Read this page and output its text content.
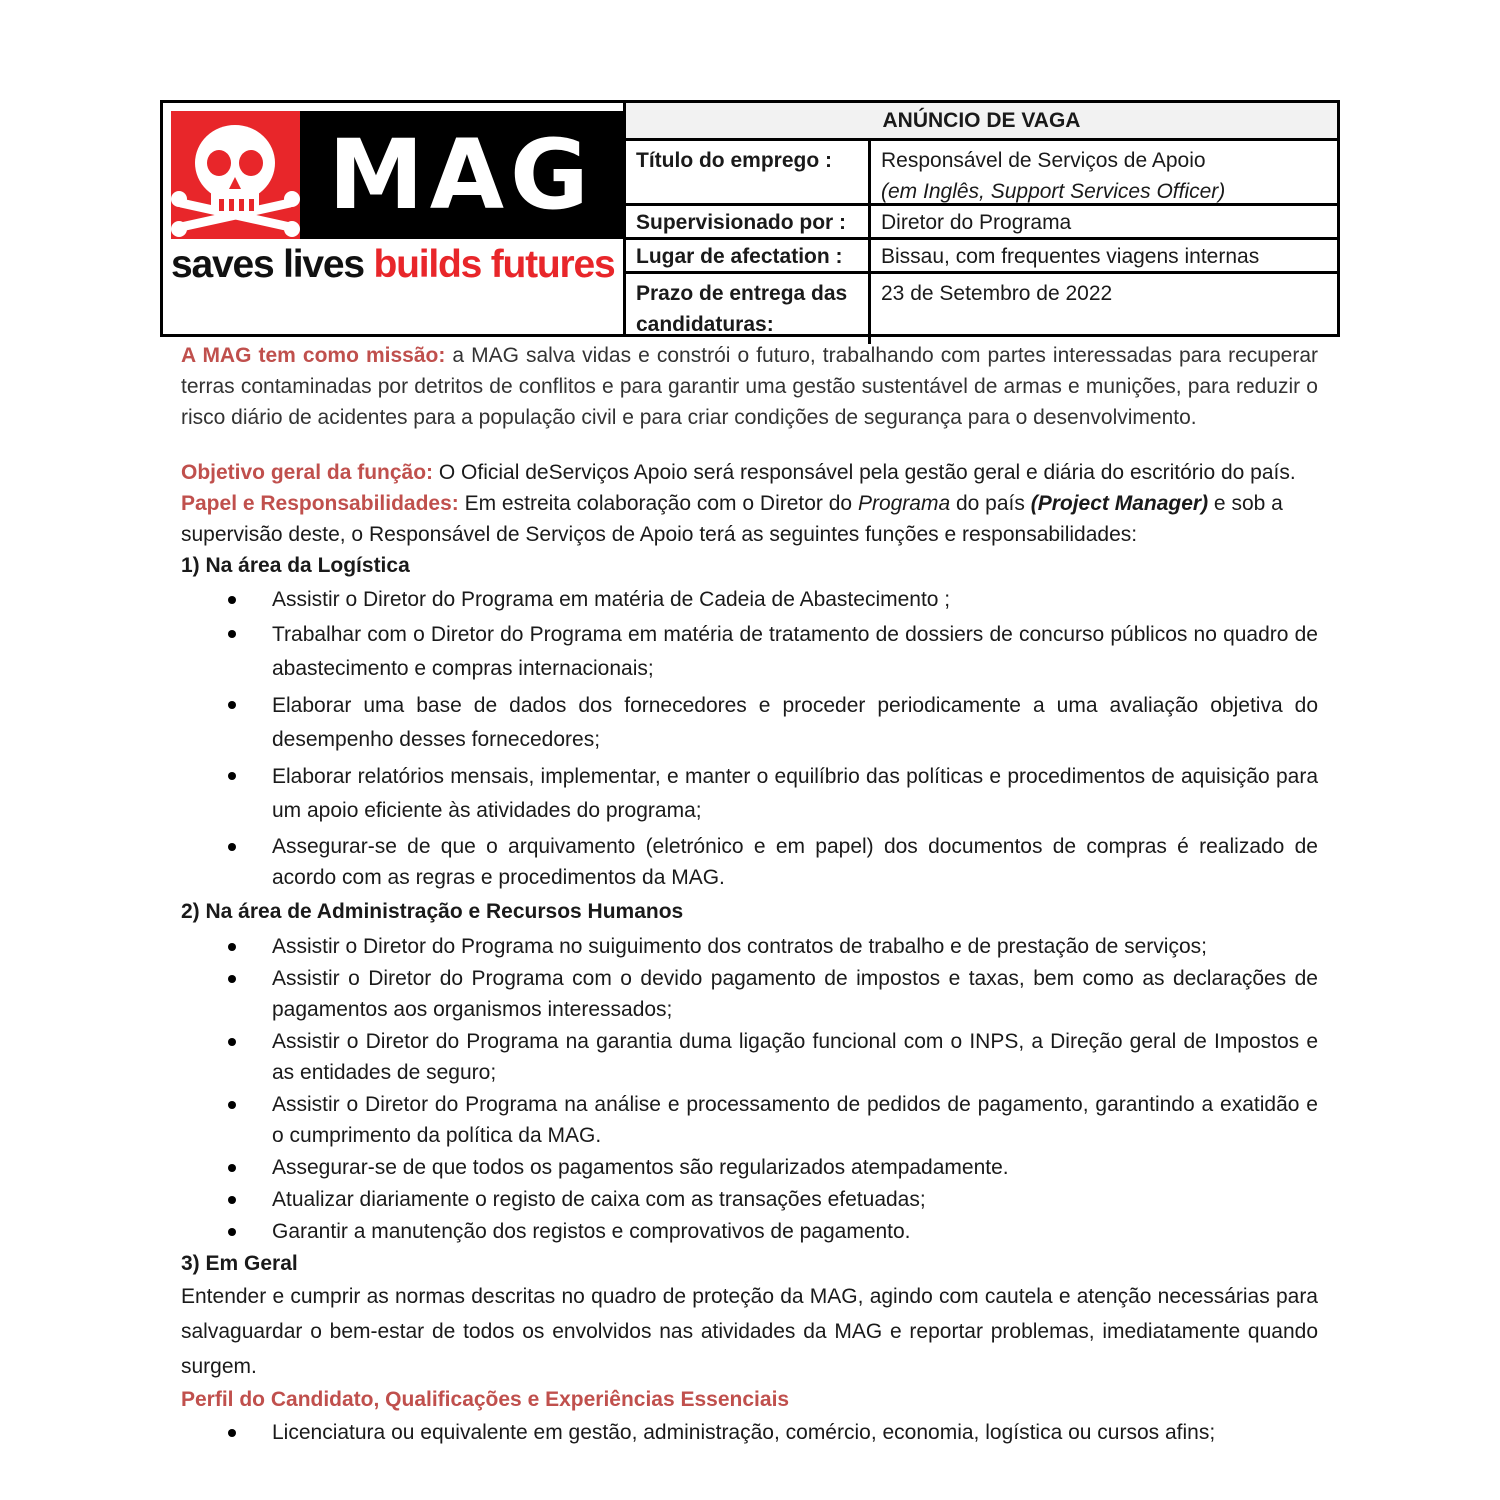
MAG
saves lives builds futures
ANÚNCIO DE VAGA
Título do emprego :	Responsável de Serviços de Apoio
(em Inglês, Support Services Officer)
Supervisionado por :	Diretor do Programa
Lugar de afectation :	Bissau, com frequentes viagens internas
Prazo de entrega das candidaturas:
23 de Setembro de 2022

A MAG tem como missão: a MAG salva vidas e constrói o futuro, trabalhando com partes interessadas para recuperar terras contaminadas por detritos de conflitos e para garantir uma gestão sustentável de armas e munições, para reduzir o risco diário de acidentes para a população civil e para criar condições de segurança para o desenvolvimento.

Objetivo geral da função: O Oficial deServiços Apoio será responsável pela gestão geral e diária do escritório do país.

Papel e Responsabilidades: Em estreita colaboração com o Diretor do Programa do país (Project Manager) e sob a supervisão deste, o Responsável de Serviços de Apoio terá as seguintes funções e responsabilidades:

1) Na área da Logística
Assistir o Diretor do Programa em matéria de Cadeia de Abastecimento ;
Trabalhar com o Diretor do Programa em matéria de tratamento de dossiers de concurso públicos no quadro de abastecimento e compras internacionais;
Elaborar uma base de dados dos fornecedores e proceder periodicamente a uma avaliação objetiva do desempenho desses fornecedores;
Elaborar relatórios mensais, implementar, e manter o equilíbrio das políticas e procedimentos de aquisição para um apoio eficiente às atividades do programa;
Assegurar-se de que o arquivamento (eletrónico e em papel) dos documentos de compras é realizado de acordo com as regras e procedimentos da MAG.
2) Na área de Administração e Recursos Humanos
Assistir o Diretor do Programa no suiguimento dos contratos de trabalho e de prestação de serviços;
Assistir o Diretor do Programa com o devido pagamento de impostos e taxas, bem como as declarações de pagamentos aos organismos interessados;
Assistir o Diretor do Programa na garantia duma ligação funcional com o INPS, a Direção geral de Impostos e as entidades de seguro;
Assistir o Diretor do Programa na análise e processamento de pedidos de pagamento, garantindo a exatidão e o cumprimento da política da MAG.
Assegurar-se de que todos os pagamentos são regularizados atempadamente.
Atualizar diariamente o registo de caixa com as transações efetuadas;
Garantir a manutenção dos registos e comprovativos de pagamento.
3) Em Geral

Entender e cumprir as normas descritas no quadro de proteção da MAG, agindo com cautela e atenção necessárias para salvaguardar o bem-estar de todos os envolvidos nas atividades da MAG e reportar problemas, imediatamente quando surgem.

Perfil do Candidato, Qualificações e Experiências Essenciais
Licenciatura ou equivalente em gestão, administração, comércio, economia, logística ou cursos afins;
